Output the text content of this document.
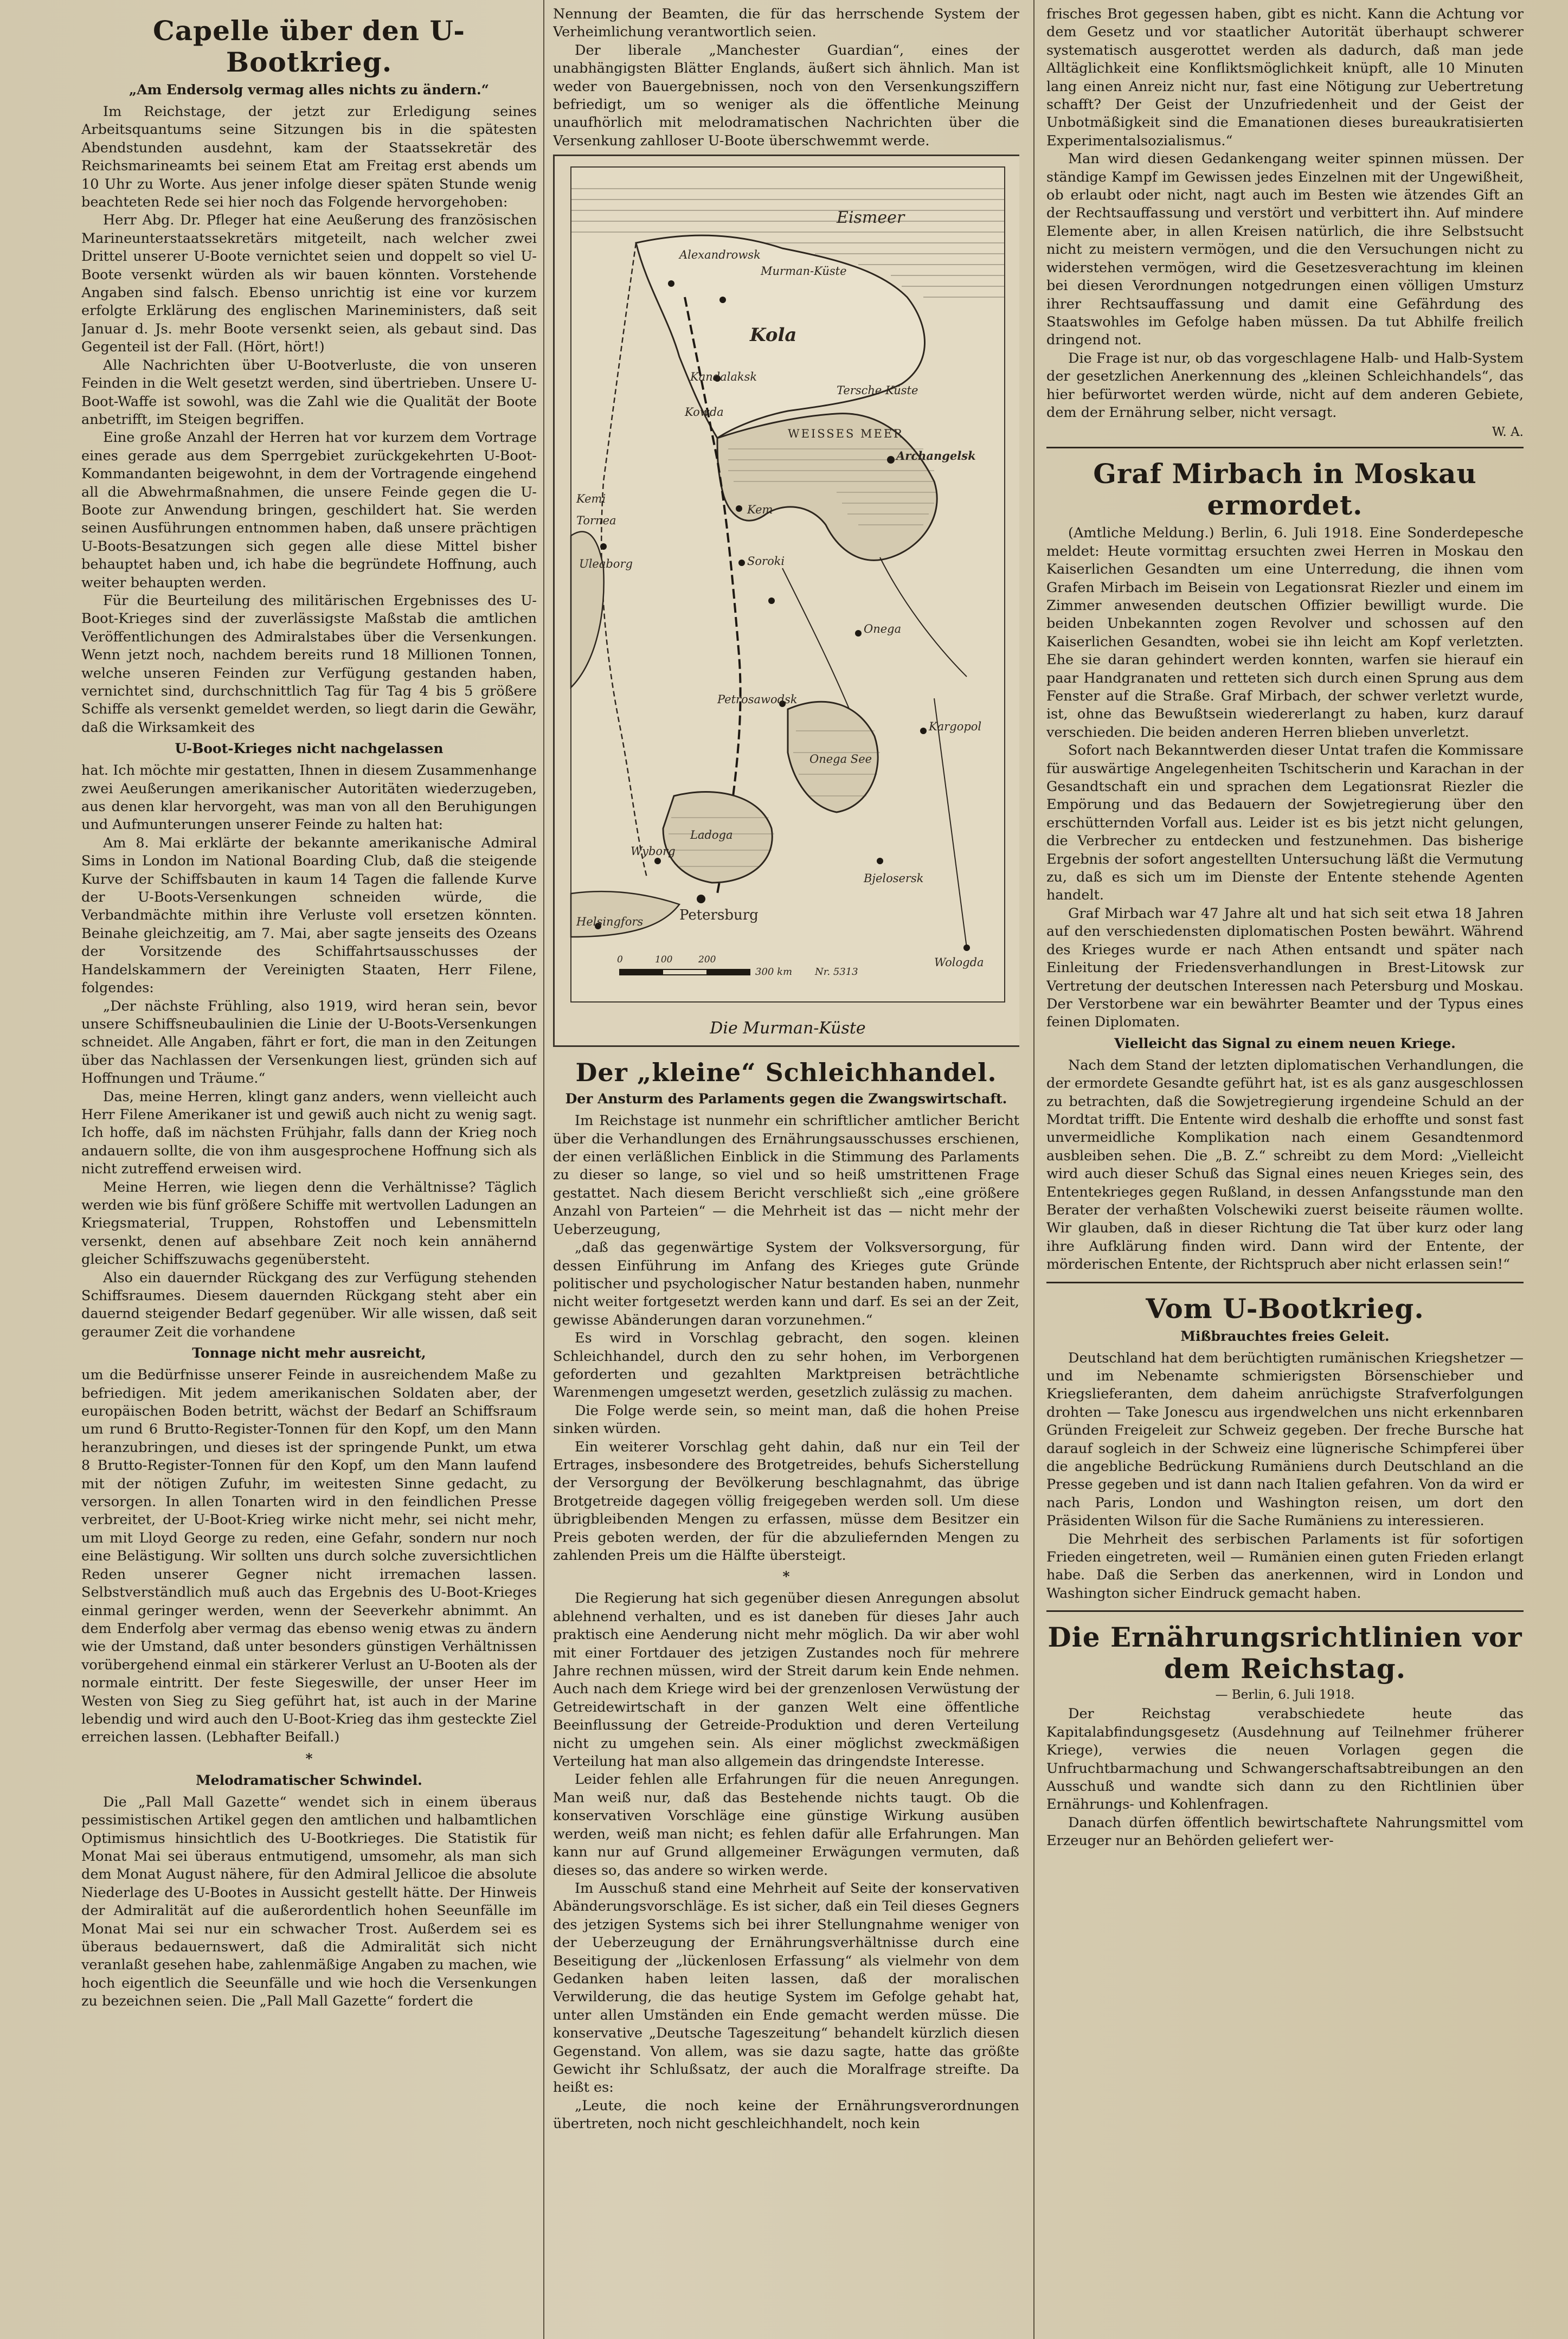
Capelle über den U-Bootkrieg.
„Am Endersolg vermag alles nichts zu ändern.“

Im Reichstage, der jetzt zur Erledigung seines Arbeitsquantums seine Sitzungen bis in die spätesten Abendstunden ausdehnt, kam der Staatssekretär des Reichsmarineamts bei seinem Etat am Freitag erst abends um 10 Uhr zu Worte. Aus jener infolge dieser späten Stunde wenig beachteten Rede sei hier noch das Folgende hervorgehoben:

Herr Abg. Dr. Pfleger hat eine Aeußerung des französischen Marineunterstaatssekretärs mitgeteilt, nach welcher zwei Drittel unserer U-Boote vernichtet seien und doppelt so viel U-Boote versenkt würden als wir bauen könnten. Vorstehende Angaben sind falsch. Ebenso unrichtig ist eine vor kurzem erfolgte Erklärung des englischen Marineministers, daß seit Januar d. Js. mehr Boote versenkt seien, als gebaut sind. Das Gegenteil ist der Fall. (Hört, hört!)

Alle Nachrichten über U-Bootverluste, die von unseren Feinden in die Welt gesetzt werden, sind übertrieben. Unsere U-Boot-Waffe ist sowohl, was die Zahl wie die Qualität der Boote anbetrifft, im Steigen begriffen.

Eine große Anzahl der Herren hat vor kurzem dem Vortrage eines gerade aus dem Sperrgebiet zurückgekehrten U-Boot-Kommandanten beigewohnt, in dem der Vortragende eingehend all die Abwehrmaßnahmen, die unsere Feinde gegen die U-Boote zur Anwendung bringen, geschildert hat. Sie werden seinen Ausführungen entnommen haben, daß unsere prächtigen U-Boots-Besatzungen sich gegen alle diese Mittel bisher behauptet haben und, ich habe die begründete Hoffnung, auch weiter behaupten werden.

Für die Beurteilung des militärischen Ergebnisses des U-Boot-Krieges sind der zuverlässigste Maßstab die amtlichen Veröffentlichungen des Admiralstabes über die Versenkungen. Wenn jetzt noch, nachdem bereits rund 18 Millionen Tonnen, welche unseren Feinden zur Verfügung gestanden haben, vernichtet sind, durchschnittlich Tag für Tag 4 bis 5 größere Schiffe als versenkt gemeldet werden, so liegt darin die Gewähr, daß die Wirksamkeit des

U-Boot-Krieges nicht nachgelassen

hat. Ich möchte mir gestatten, Ihnen in diesem Zusammenhange zwei Aeußerungen amerikanischer Autoritäten wiederzugeben, aus denen klar hervorgeht, was man von all den Beruhigungen und Aufmunterungen unserer Feinde zu halten hat:

Am 8. Mai erklärte der bekannte amerikanische Admiral Sims in London im National Boarding Club, daß die steigende Kurve der Schiffsbauten in kaum 14 Tagen die fallende Kurve der U-Boots-Versenkungen schneiden würde, die Verbandmächte mithin ihre Verluste voll ersetzen könnten. Beinahe gleichzeitig, am 7. Mai, aber sagte jenseits des Ozeans der Vorsitzende des Schiffahrtsausschusses der Handelskammern der Vereinigten Staaten, Herr Filene, folgendes:

„Der nächste Frühling, also 1919, wird heran sein, bevor unsere Schiffsneubaulinien die Linie der U-Boots-Versenkungen schneidet. Alle Angaben, fährt er fort, die man in den Zeitungen über das Nachlassen der Versenkungen liest, gründen sich auf Hoffnungen und Träume.“

Das, meine Herren, klingt ganz anders, wenn vielleicht auch Herr Filene Amerikaner ist und gewiß auch nicht zu wenig sagt. Ich hoffe, daß im nächsten Frühjahr, falls dann der Krieg noch andauern sollte, die von ihm ausgesprochene Hoffnung sich als nicht zutreffend erweisen wird.

Meine Herren, wie liegen denn die Verhältnisse? Täglich werden wie bis fünf größere Schiffe mit wertvollen Ladungen an Kriegsmaterial, Truppen, Rohstoffen und Lebensmitteln versenkt, denen auf absehbare Zeit noch kein annähernd gleicher Schiffszuwachs gegenübersteht.

Also ein dauernder Rückgang des zur Verfügung stehenden Schiffsraumes. Diesem dauernden Rückgang steht aber ein dauernd steigender Bedarf gegenüber. Wir alle wissen, daß seit geraumer Zeit die vorhandene

Tonnage nicht mehr ausreicht,

um die Bedürfnisse unserer Feinde in ausreichendem Maße zu befriedigen. Mit jedem amerikanischen Soldaten aber, der europäischen Boden betritt, wächst der Bedarf an Schiffsraum um rund 6 Brutto-Register-Tonnen für den Kopf, um den Mann heranzubringen, und dieses ist der springende Punkt, um etwa 8 Brutto-Register-Tonnen für den Kopf, um den Mann laufend mit der nötigen Zufuhr, im weitesten Sinne gedacht, zu versorgen. In allen Tonarten wird in den feindlichen Presse verbreitet, der U-Boot-Krieg wirke nicht mehr, sei nicht mehr, um mit Lloyd George zu reden, eine Gefahr, sondern nur noch eine Belästigung. Wir sollten uns durch solche zuversichtlichen Reden unserer Gegner nicht irremachen lassen. Selbstverständlich muß auch das Ergebnis des U-Boot-Krieges einmal geringer werden, wenn der Seeverkehr abnimmt. An dem Enderfolg aber vermag das ebenso wenig etwas zu ändern wie der Umstand, daß unter besonders günstigen Verhältnissen vorübergehend einmal ein stärkerer Verlust an U-Booten als der normale eintritt. Der feste Siegeswille, der unser Heer im Westen von Sieg zu Sieg geführt hat, ist auch in der Marine lebendig und wird auch den U-Boot-Krieg das ihm gesteckte Ziel erreichen lassen. (Lebhafter Beifall.)

*
Melodramatischer Schwindel.

Die „Pall Mall Gazette“ wendet sich in einem überaus pessimistischen Artikel gegen den amtlichen und halbamtlichen Optimismus hinsichtlich des U-Bootkrieges. Die Statistik für Monat Mai sei überaus entmutigend, umsomehr, als man sich dem Monat August nähere, für den Admiral Jellicoe die absolute Niederlage des U-Bootes in Aussicht gestellt hätte. Der Hinweis der Admiralität auf die außerordentlich hohen Seeunfälle im Monat Mai sei nur ein schwacher Trost. Außerdem sei es überaus bedauernswert, daß die Admiralität sich nicht veranlaßt gesehen habe, zahlenmäßige Angaben zu machen, wie hoch eigentlich die Seeunfälle und wie hoch die Versenkungen zu bezeichnen seien. Die „Pall Mall Gazette“ fordert die

Nennung der Beamten, die für das herrschende System der Verheimlichung verantwortlich seien.

Der liberale „Manchester Guardian“, eines der unabhängigsten Blätter Englands, äußert sich ähnlich. Man ist weder von Bauergebnissen, noch von den Versenkungsziffern befriedigt, um so weniger als die öffentliche Meinung unaufhörlich mit melodramatischen Nachrichten über die Versenkung zahlloser U-Boote überschwemmt werde.

Eismeer
Kola
Murman-Küste
Alexandrowsk
Kandalaksk
Tersche Küste
WEISSES MEER
Archangelsk
Kowda
Kem
Soroki
Onega
Uleaborg
Kemi
Tornea
Petrosawodsk
Onega See
Kargopol
Ladoga
Wyborg
Helsingfors	Petersburg
Bjelosersk
Wologda
0	100	200
300 km Nr. 5313
Die Murman-Küste
Der „kleine“ Schleichhandel.
Der Ansturm des Parlaments gegen die Zwangswirtschaft.

Im Reichstage ist nunmehr ein schriftlicher amtlicher Bericht über die Verhandlungen des Ernährungsausschusses erschienen, der einen verläßlichen Einblick in die Stimmung des Parlaments zu dieser so lange, so viel und so heiß umstrittenen Frage gestattet. Nach diesem Bericht verschließt sich „eine größere Anzahl von Parteien“ — die Mehrheit ist das — nicht mehr der Ueberzeugung,

„daß das gegenwärtige System der Volksversorgung, für dessen Einführung im Anfang des Krieges gute Gründe politischer und psychologischer Natur bestanden haben, nunmehr nicht weiter fortgesetzt werden kann und darf. Es sei an der Zeit, gewisse Abänderungen daran vorzunehmen.“

Es wird in Vorschlag gebracht, den sogen. kleinen Schleichhandel, durch den zu sehr hohen, im Verborgenen geforderten und gezahlten Marktpreisen beträchtliche Warenmengen umgesetzt werden, gesetzlich zulässig zu machen.

Die Folge werde sein, so meint man, daß die hohen Preise sinken würden.

Ein weiterer Vorschlag geht dahin, daß nur ein Teil der Ertrages, insbesondere des Brotgetreides, behufs Sicherstellung der Versorgung der Bevölkerung beschlagnahmt, das übrige Brotgetreide dagegen völlig freigegeben werden soll. Um diese übrigbleibenden Mengen zu erfassen, müsse dem Besitzer ein Preis geboten werden, der für die abzuliefernden Mengen zu zahlenden Preis um die Hälfte übersteigt.

*

Die Regierung hat sich gegenüber diesen Anregungen absolut ablehnend verhalten, und es ist daneben für dieses Jahr auch praktisch eine Aenderung nicht mehr möglich. Da wir aber wohl mit einer Fortdauer des jetzigen Zustandes noch für mehrere Jahre rechnen müssen, wird der Streit darum kein Ende nehmen. Auch nach dem Kriege wird bei der grenzenlosen Verwüstung der Getreidewirtschaft in der ganzen Welt eine öffentliche Beeinflussung der Getreide-Produktion und deren Verteilung nicht zu umgehen sein. Als einer möglichst zweckmäßigen Verteilung hat man also allgemein das dringendste Interesse.

Leider fehlen alle Erfahrungen für die neuen Anregungen. Man weiß nur, daß das Bestehende nichts taugt. Ob die konservativen Vorschläge eine günstige Wirkung ausüben werden, weiß man nicht; es fehlen dafür alle Erfahrungen. Man kann nur auf Grund allgemeiner Erwägungen vermuten, daß dieses so, das andere so wirken werde.

Im Ausschuß stand eine Mehrheit auf Seite der konservativen Abänderungsvorschläge. Es ist sicher, daß ein Teil dieses Gegners des jetzigen Systems sich bei ihrer Stellungnahme weniger von der Ueberzeugung der Ernährungsverhältnisse durch eine Beseitigung der „lückenlosen Erfassung“ als vielmehr von dem Gedanken haben leiten lassen, daß der moralischen Verwilderung, die das heutige System im Gefolge gehabt hat, unter allen Umständen ein Ende gemacht werden müsse. Die konservative „Deutsche Tageszeitung“ behandelt kürzlich diesen Gegenstand. Von allem, was sie dazu sagte, hatte das größte Gewicht ihr Schlußsatz, der auch die Moralfrage streifte. Da heißt es:

„Leute, die noch keine der Ernährungsverordnungen übertreten, noch nicht geschleichhandelt, noch kein

frisches Brot gegessen haben, gibt es nicht. Kann die Achtung vor dem Gesetz und vor staatlicher Autorität überhaupt schwerer systematisch ausgerottet werden als dadurch, daß man jede Alltäglichkeit eine Konfliktsmöglichkeit knüpft, alle 10 Minuten lang einen Anreiz nicht nur, fast eine Nötigung zur Uebertretung schafft? Der Geist der Unzufriedenheit und der Geist der Unbotmäßigkeit sind die Emanationen dieses bureaukratisierten Experimentalsozialismus.“

Man wird diesen Gedankengang weiter spinnen müssen. Der ständige Kampf im Gewissen jedes Einzelnen mit der Ungewißheit, ob erlaubt oder nicht, nagt auch im Besten wie ätzendes Gift an der Rechtsauffassung und verstört und verbittert ihn. Auf mindere Elemente aber, in allen Kreisen natürlich, die ihre Selbstsucht nicht zu meistern vermögen, und die den Versuchungen nicht zu widerstehen vermögen, wird die Gesetzesverachtung im kleinen bei diesen Verordnungen notgedrungen einen völligen Umsturz ihrer Rechtsauffassung und damit eine Gefährdung des Staatswohles im Gefolge haben müssen. Da tut Abhilfe freilich dringend not.

Die Frage ist nur, ob das vorgeschlagene Halb- und Halb-System der gesetzlichen Anerkennung des „kleinen Schleichhandels“, das hier befürwortet werden würde, nicht auf dem anderen Gebiete, dem der Ernährung selber, nicht versagt.

W. A.
Graf Mirbach in Moskau ermordet.

(Amtliche Meldung.) Berlin, 6. Juli 1918. Eine Sonderdepesche meldet: Heute vormittag ersuchten zwei Herren in Moskau den Kaiserlichen Gesandten um eine Unterredung, die ihnen vom Grafen Mirbach im Beisein von Legationsrat Riezler und einem im Zimmer anwesenden deutschen Offizier bewilligt wurde. Die beiden Unbekannten zogen Revolver und schossen auf den Kaiserlichen Gesandten, wobei sie ihn leicht am Kopf verletzten. Ehe sie daran gehindert werden konnten, warfen sie hierauf ein paar Handgranaten und retteten sich durch einen Sprung aus dem Fenster auf die Straße. Graf Mirbach, der schwer verletzt wurde, ist, ohne das Bewußtsein wiedererlangt zu haben, kurz darauf verschieden. Die beiden anderen Herren blieben unverletzt.

Sofort nach Bekanntwerden dieser Untat trafen die Kommissare für auswärtige Angelegenheiten Tschitscherin und Karachan in der Gesandtschaft ein und sprachen dem Legationsrat Riezler die Empörung und das Bedauern der Sowjetregierung über den erschütternden Vorfall aus. Leider ist es bis jetzt nicht gelungen, die Verbrecher zu entdecken und festzunehmen. Das bisherige Ergebnis der sofort angestellten Untersuchung läßt die Vermutung zu, daß es sich um im Dienste der Entente stehende Agenten handelt.

Graf Mirbach war 47 Jahre alt und hat sich seit etwa 18 Jahren auf den verschiedensten diplomatischen Posten bewährt. Während des Krieges wurde er nach Athen entsandt und später nach Einleitung der Friedensverhandlungen in Brest-Litowsk zur Vertretung der deutschen Interessen nach Petersburg und Moskau. Der Verstorbene war ein bewährter Beamter und der Typus eines feinen Diplomaten.

Vielleicht das Signal zu einem neuen Kriege.

Nach dem Stand der letzten diplomatischen Verhandlungen, die der ermordete Gesandte geführt hat, ist es als ganz ausgeschlossen zu betrachten, daß die Sowjetregierung irgendeine Schuld an der Mordtat trifft. Die Entente wird deshalb die erhoffte und sonst fast unvermeidliche Komplikation nach einem Gesandtenmord ausbleiben sehen. Die „B. Z.“ schreibt zu dem Mord: „Vielleicht wird auch dieser Schuß das Signal eines neuen Krieges sein, des Ententekrieges gegen Rußland, in dessen Anfangsstunde man den Berater der verhaßten Volschewiki zuerst beiseite räumen wollte. Wir glauben, daß in dieser Richtung die Tat über kurz oder lang ihre Aufklärung finden wird. Dann wird der Entente, der mörderischen Entente, der Richtspruch aber nicht erlassen sein!“

Vom U-Bootkrieg.
Mißbrauchtes freies Geleit.

Deutschland hat dem berüchtigten rumänischen Kriegshetzer — und im Nebenamte schmierigsten Börsenschieber und Kriegslieferanten, dem daheim anrüchigste Strafverfolgungen drohten — Take Jonescu aus irgendwelchen uns nicht erkennbaren Gründen Freigeleit zur Schweiz gegeben. Der freche Bursche hat darauf sogleich in der Schweiz eine lügnerische Schimpferei über die angebliche Bedrückung Rumäniens durch Deutschland an die Presse gegeben und ist dann nach Italien gefahren. Von da wird er nach Paris, London und Washington reisen, um dort den Präsidenten Wilson für die Sache Rumäniens zu interessieren.

Die Mehrheit des serbischen Parlaments ist für sofortigen Frieden eingetreten, weil — Rumänien einen guten Frieden erlangt habe. Daß die Serben das anerkennen, wird in London und Washington sicher Eindruck gemacht haben.

Die Ernährungsrichtlinien vor dem Reichstag.
— Berlin, 6. Juli 1918.

Der Reichstag verabschiedete heute das Kapitalabfindungsgesetz (Ausdehnung auf Teilnehmer früherer Kriege), verwies die neuen Vorlagen gegen die Unfruchtbarmachung und Schwangerschaftsabtreibungen an den Ausschuß und wandte sich dann zu den Richtlinien über Ernährungs- und Kohlenfragen.

Danach dürfen öffentlich bewirtschaftete Nahrungsmittel vom Erzeuger nur an Behörden geliefert wer-
